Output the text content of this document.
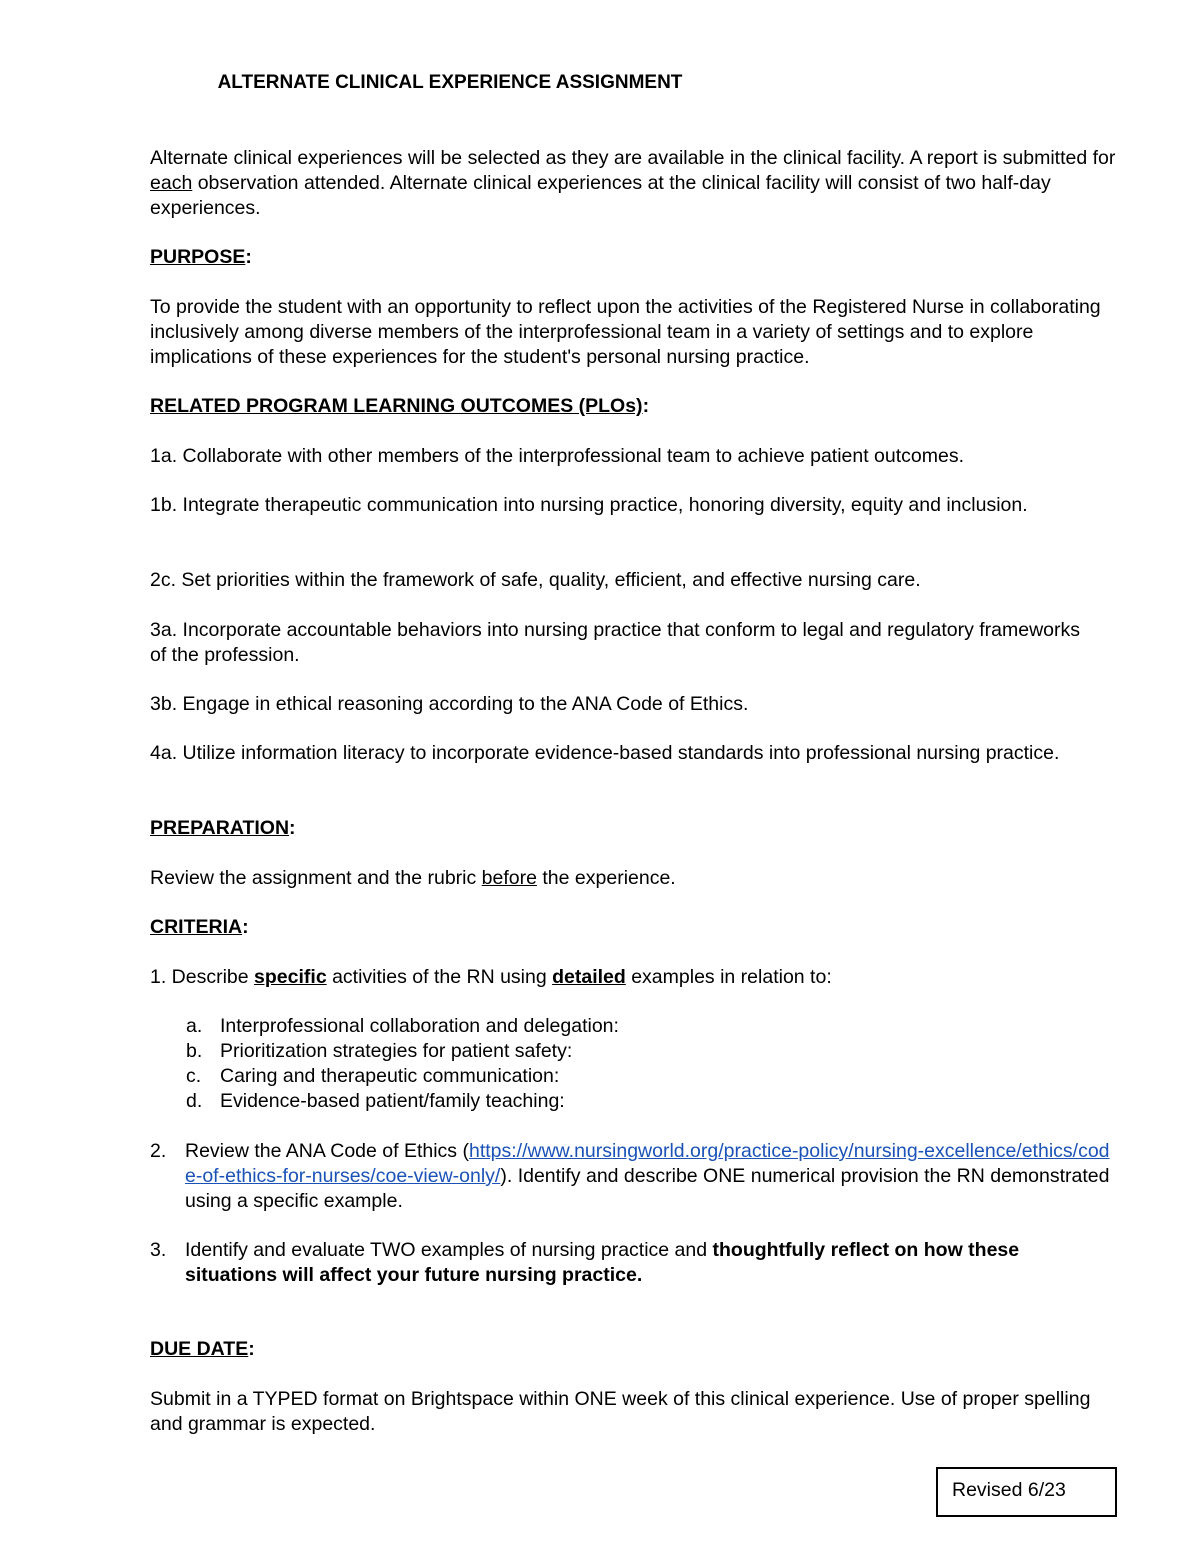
ALTERNATE CLINICAL EXPERIENCE ASSIGNMENT

Alternate clinical experiences will be selected as they are available in the clinical facility. A report is submitted for each observation attended. Alternate clinical experiences at the clinical facility will consist of two half-day experiences.

PURPOSE:

To provide the student with an opportunity to reflect upon the activities of the Registered Nurse in collaborating inclusively among diverse members of the interprofessional team in a variety of settings and to explore implications of these experiences for the student's personal nursing practice.

RELATED PROGRAM LEARNING OUTCOMES (PLOs):

1a. Collaborate with other members of the interprofessional team to achieve patient outcomes.

1b. Integrate therapeutic communication into nursing practice, honoring diversity, equity and inclusion.

2c. Set priorities within the framework of safe, quality, efficient, and effective nursing care.

3a. Incorporate accountable behaviors into nursing practice that conform to legal and regulatory frameworks of the profession.

3b. Engage in ethical reasoning according to the ANA Code of Ethics.

4a. Utilize information literacy to incorporate evidence-based standards into professional nursing practice.

PREPARATION:

Review the assignment and the rubric before the experience.

CRITERIA:

1. Describe specific activities of the RN using detailed examples in relation to:

a. Interprofessional collaboration and delegation:
b. Prioritization strategies for patient safety:
c. Caring and therapeutic communication:
d. Evidence-based patient/family teaching:
2. Review the ANA Code of Ethics (https://www.nursingworld.org/practice-policy/nursing-excellence/ethics/code-of-ethics-for-nurses/coe-view-only/). Identify and describe ONE numerical provision the RN demonstrated using a specific example.
3. Identify and evaluate TWO examples of nursing practice and thoughtfully reflect on how these situations will affect your future nursing practice.

DUE DATE:

Submit in a TYPED format on Brightspace within ONE week of this clinical experience. Use of proper spelling and grammar is expected.

Revised 6/23
